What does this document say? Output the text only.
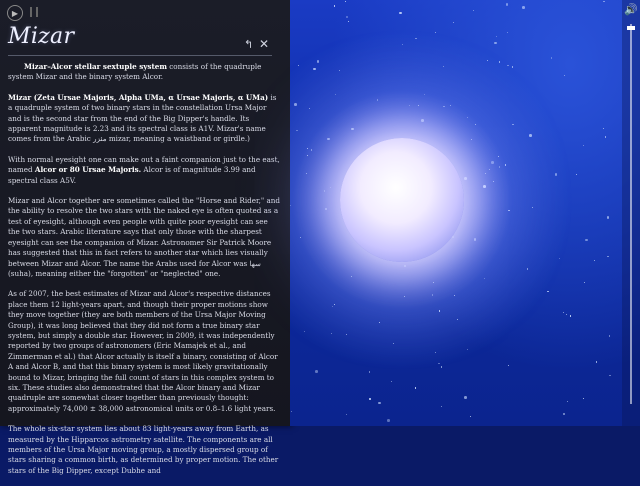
▶
Mizar	↰ ✕

Mizar–Alcor stellar sextuple system consists of the quadruple system Mizar and the binary system Alcor.

Mizar (Zeta Ursae Majoris, Alpha UMa, α Ursae Majoris, α UMa) is a quadruple system of two binary stars in the constellation Ursa Major and is the second star from the end of the Big Dipper's handle. Its apparent magnitude is 2.23 and its spectral class is A1V. Mizar's name comes from the Arabic مئزر mizar, meaning a waistband or girdle.)

With normal eyesight one can make out a faint companion just to the east, named Alcor or 80 Ursae Majoris. Alcor is of magnitude 3.99 and spectral class A5V.

Mizar and Alcor together are sometimes called the "Horse and Rider," and the ability to resolve the two stars with the naked eye is often quoted as a test of eyesight, although even people with quite poor eyesight can see the two stars. Arabic literature says that only those with the sharpest eyesight can see the companion of Mizar. Astronomer Sir Patrick Moore has suggested that this in fact refers to another star which lies visually between Mizar and Alcor. The name the Arabs used for Alcor was سها (suha), meaning either the "forgotten" or "neglected" one.

As of 2007, the best estimates of Mizar and Alcor's respective distances place them 12 light-years apart, and though their proper motions show they move together (they are both members of the Ursa Major Moving Group), it was long believed that they did not form a true binary star system, but simply a double star. However, in 2009, it was independently reported by two groups of astronomers (Eric Mamajek et al., and Zimmerman et al.) that Alcor actually is itself a binary, consisting of Alcor A and Alcor B, and that this binary system is most likely gravitationally bound to Mizar, bringing the full count of stars in this complex system to six. These studies also demonstrated that the Alcor binary and Mizar quadruple are somewhat closer together than previously thought: approximately 74,000 ± 38,000 astronomical units or 0.8–1.6 light years.

The whole six-star system lies about 83 light-years away from Earth, as measured by the Hipparcos astrometry satellite. The components are all members of the Ursa Major moving group, a mostly dispersed group of stars sharing a common birth, as determined by proper motion. The other stars of the Big Dipper, except Dubhe and

🔊
